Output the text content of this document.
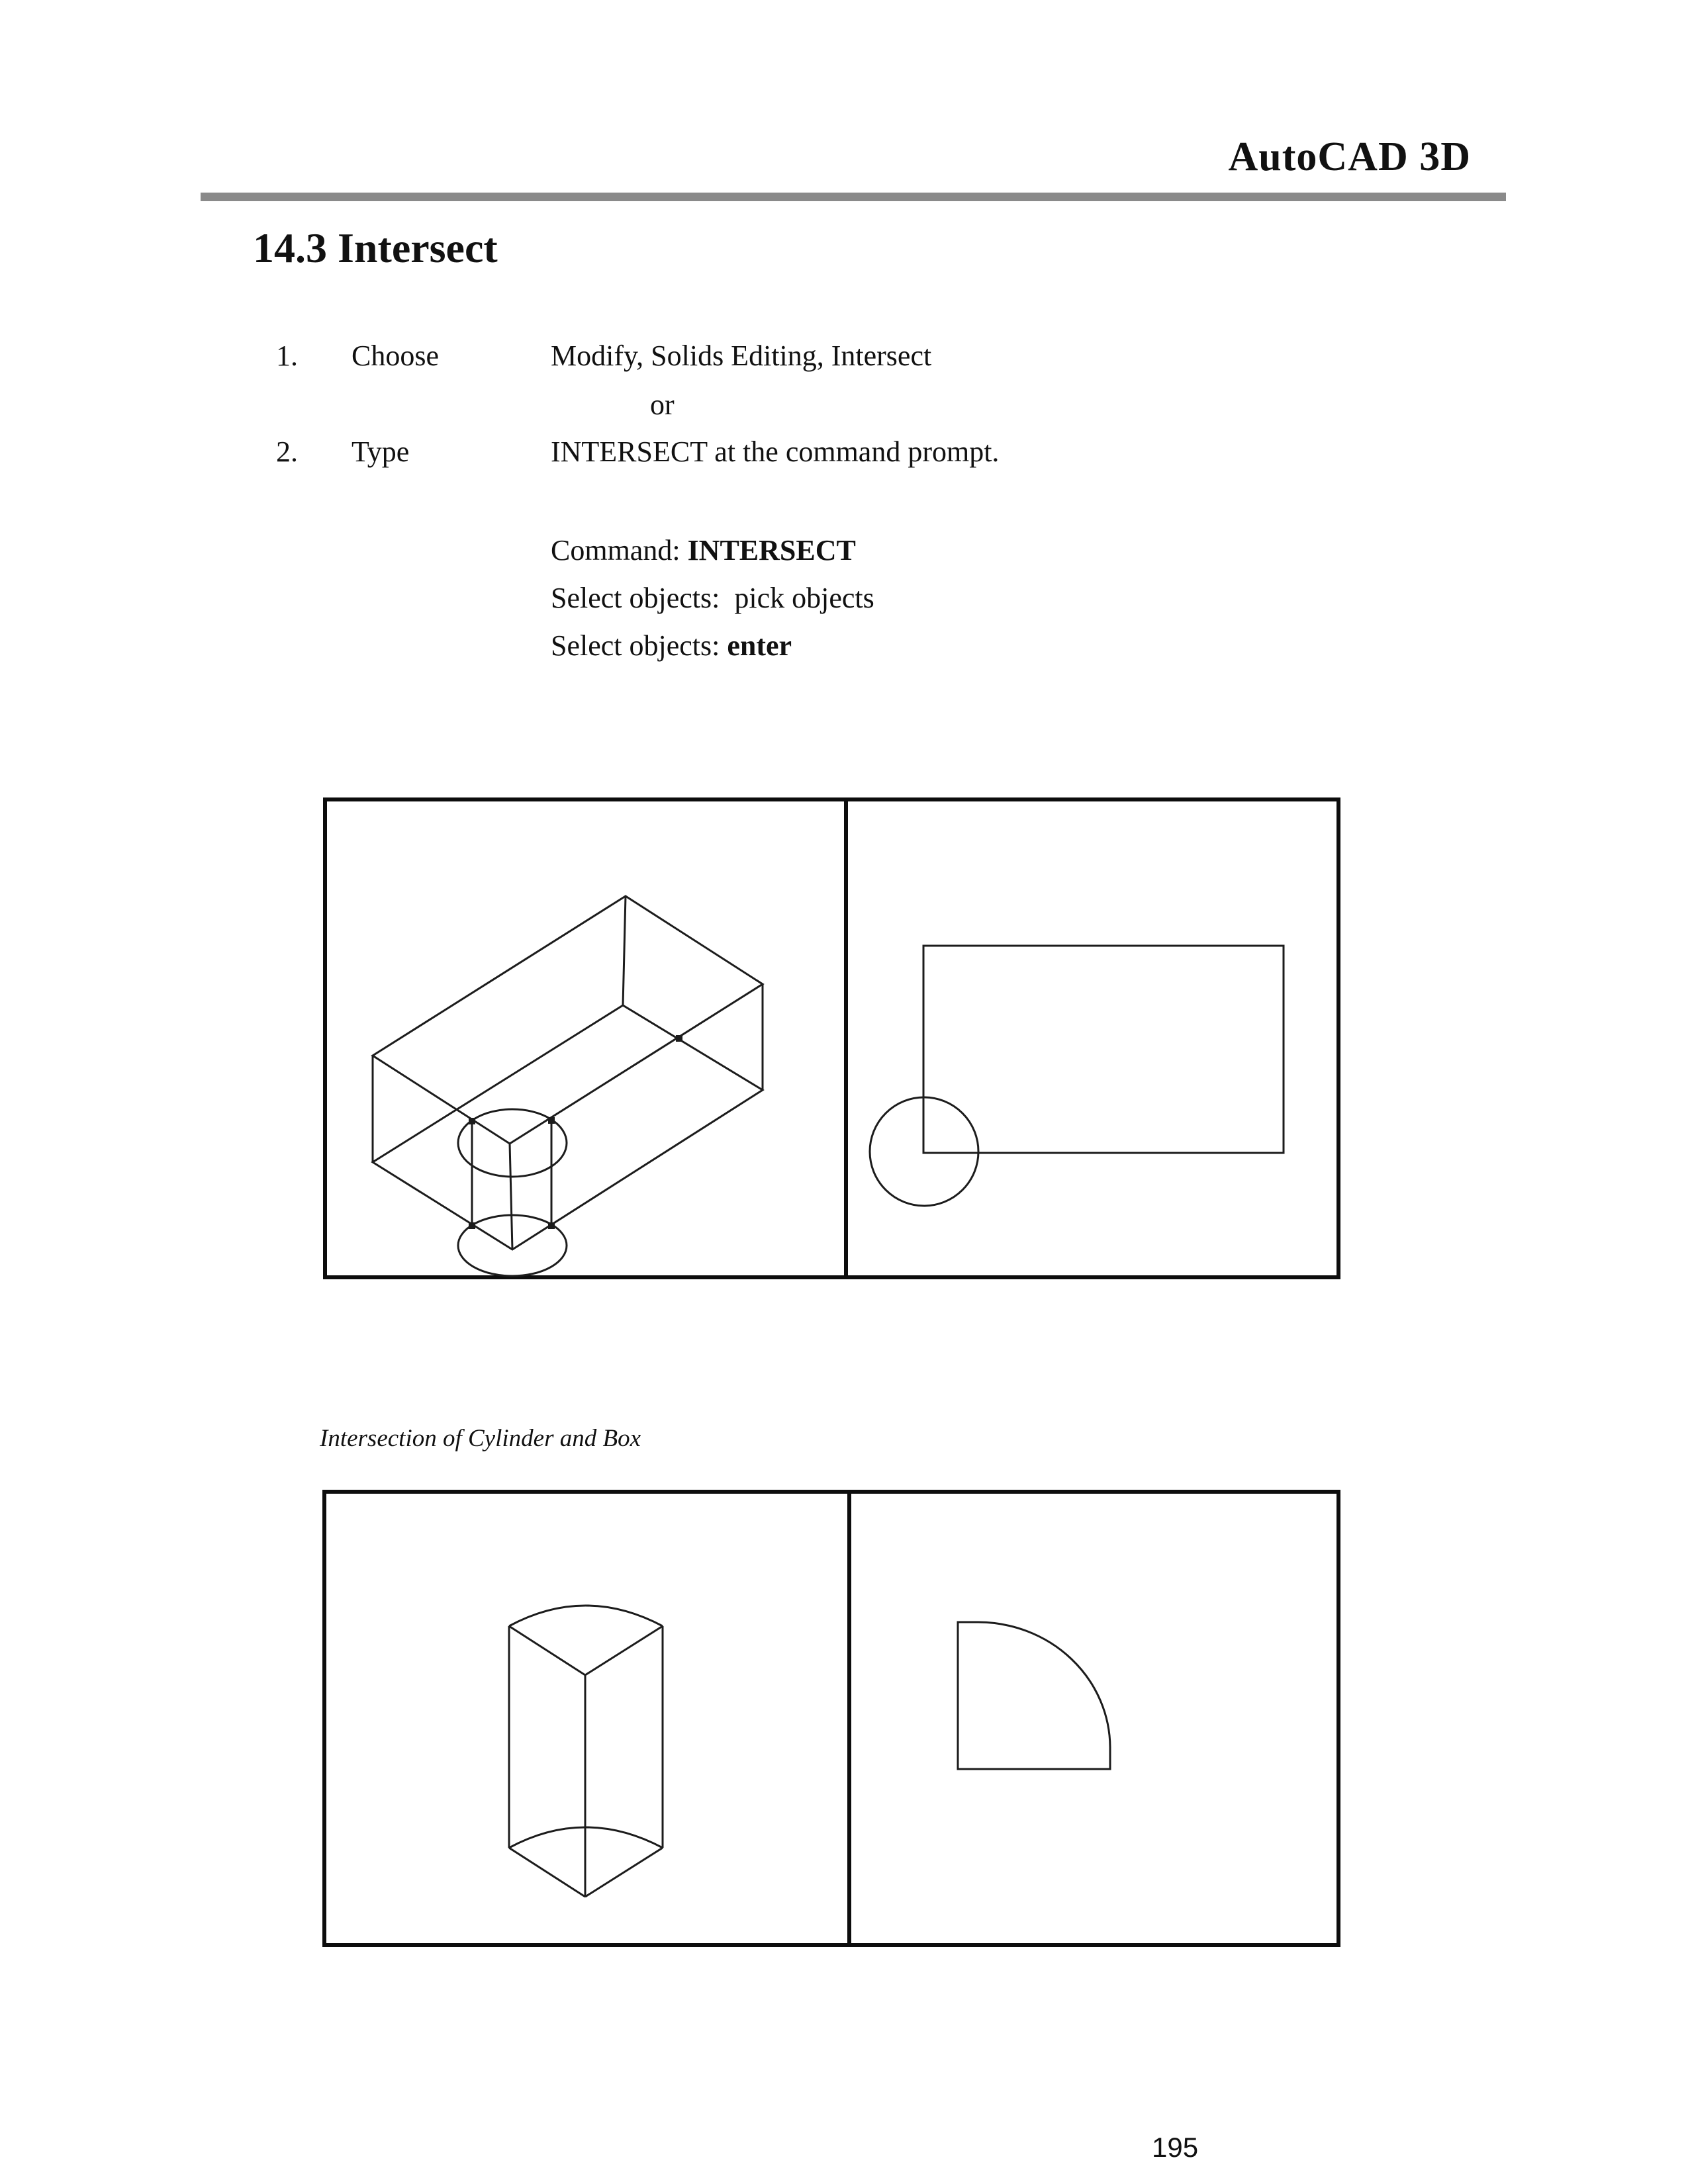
AutoCAD 3D
14.3 Intersect
1. Choose	Modify, Solids Editing, Intersect
or
2. Type	INTERSECT at the command prompt.
Command: INTERSECT
Select objects:  pick objects
Select objects: enter
Intersection of Cylinder and Box
195
